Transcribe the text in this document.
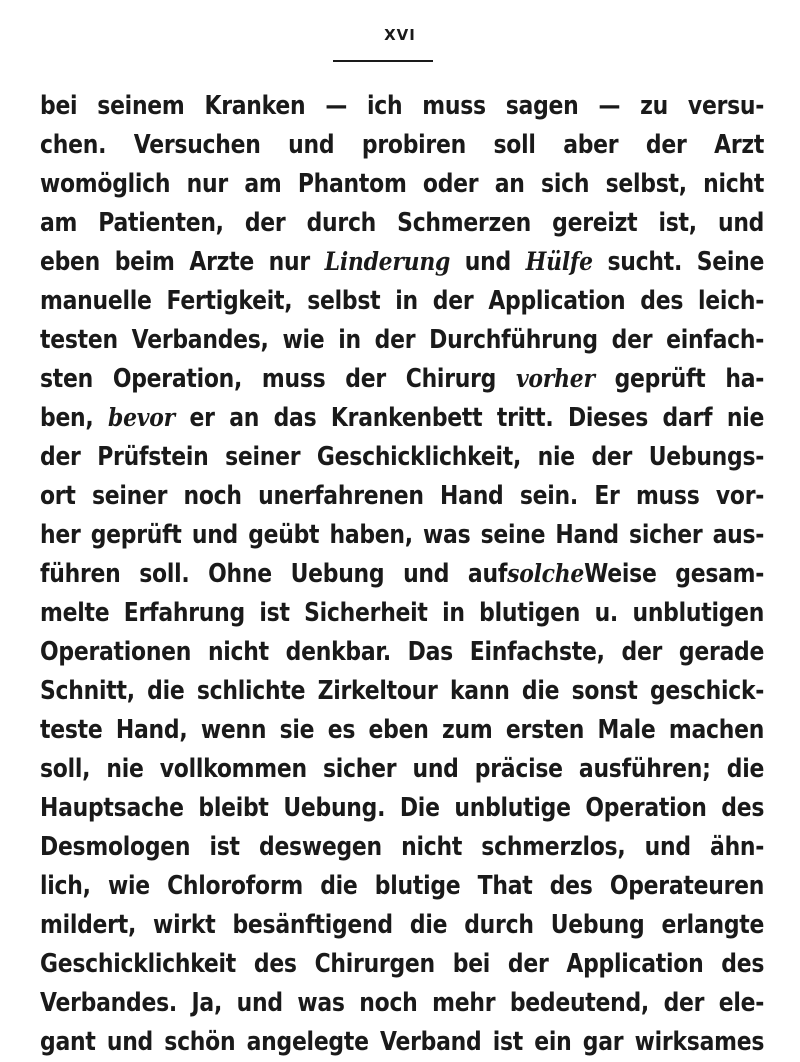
XVI
bei seinem Kranken — ich muss sagen — zu versu-
chen. Versuchen und probiren soll aber der Arzt
womöglich nur am Phantom oder an sich selbst, nicht
am Patienten, der durch Schmerzen gereizt ist, und
eben beim Arzte nur Linderung und Hülfe sucht. Seine
manuelle Fertigkeit, selbst in der Application des leich-
testen Verbandes, wie in der Durchführung der einfach-
sten Operation, muss der Chirurg vorher geprüft ha-
ben, bevor er an das Krankenbett tritt. Dieses darf nie
der Prüfstein seiner Geschicklichkeit, nie der Uebungs-
ort seiner noch unerfahrenen Hand sein. Er muss vor-
her geprüft und geübt haben, was seine Hand sicher aus-
führen soll. Ohne Uebung und aufsolcheWeise gesam-
melte Erfahrung ist Sicherheit in blutigen u. unblutigen
Operationen nicht denkbar. Das Einfachste, der gerade
Schnitt, die schlichte Zirkeltour kann die sonst geschick-
teste Hand, wenn sie es eben zum ersten Male machen
soll, nie vollkommen sicher und präcise ausführen; die
Hauptsache bleibt Uebung. Die unblutige Operation des
Desmologen ist deswegen nicht schmerzlos, und ähn-
lich, wie Chloroform die blutige That des Operateuren
mildert, wirkt besänftigend die durch Uebung erlangte
Geschicklichkeit des Chirurgen bei der Application des
Verbandes. Ja, und was noch mehr bedeutend, der ele-
gant und schön angelegte Verband ist ein gar wirksames
